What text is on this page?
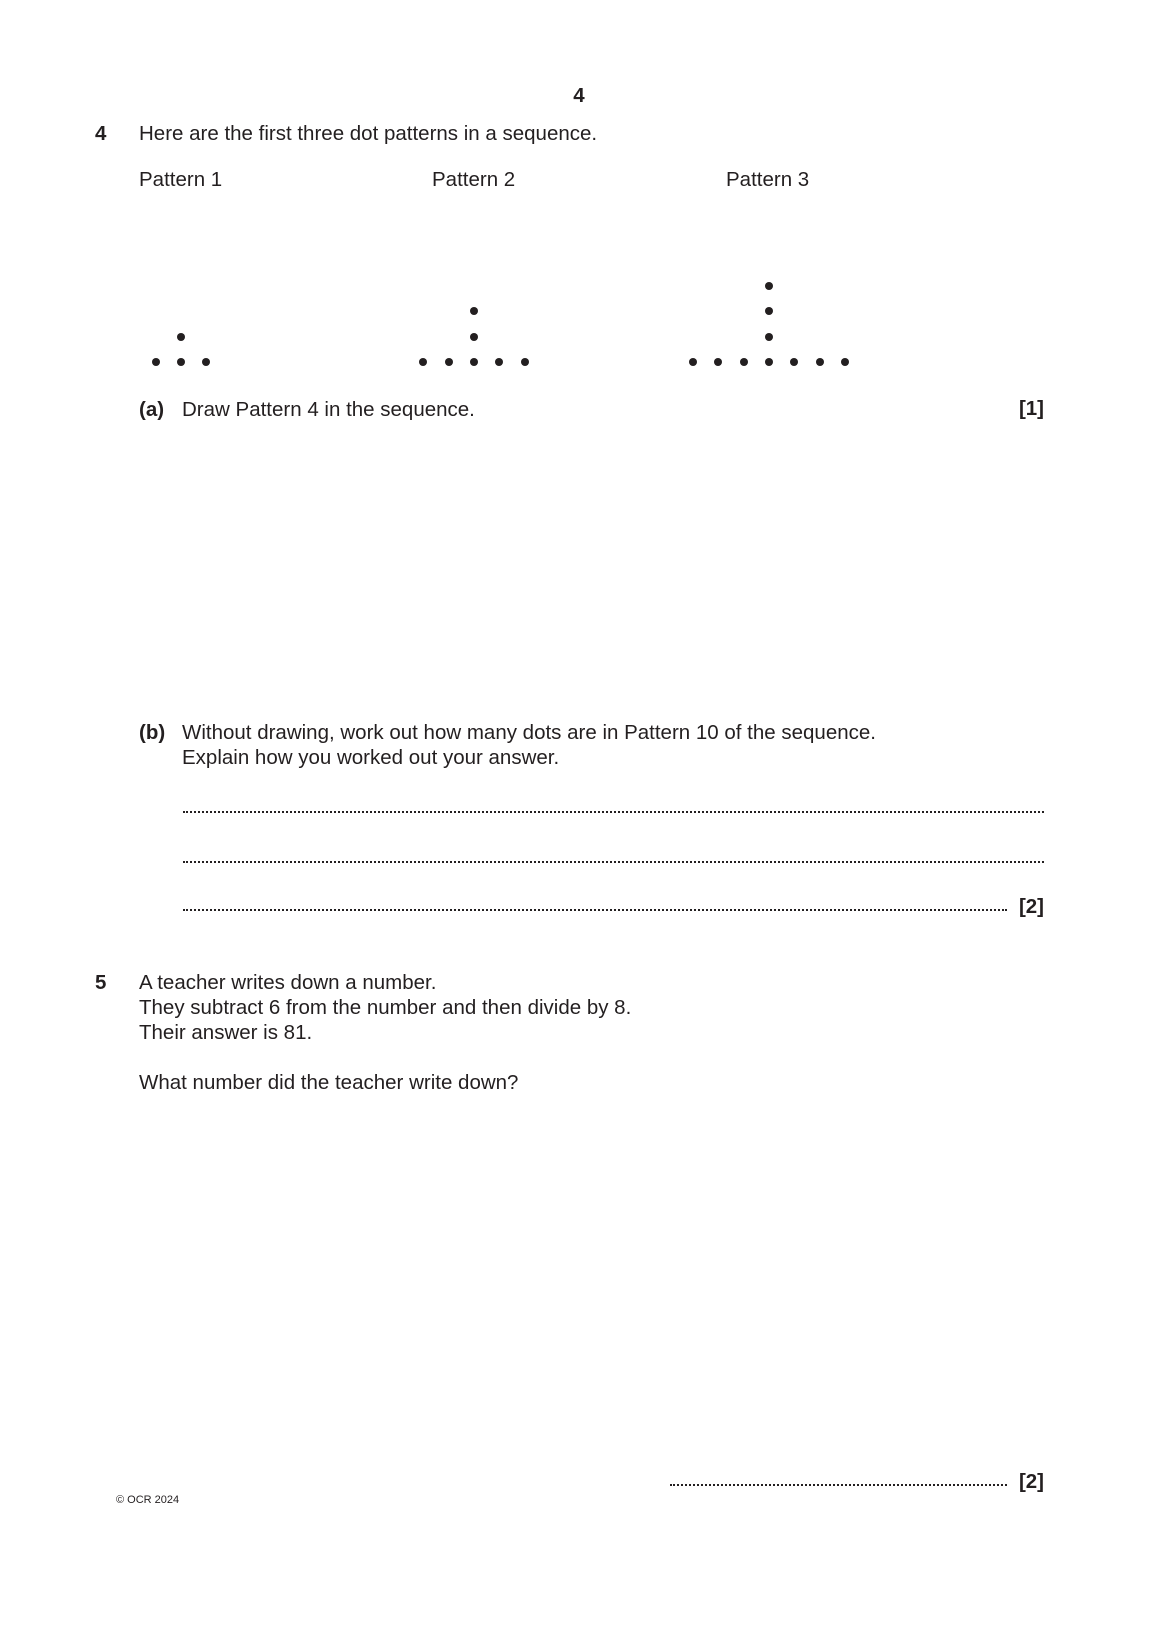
4
4 Here are the first three dot patterns in a sequence.
Pattern 1	Pattern 2	Pattern 3
(a) Draw Pattern 4 in the sequence.	[1]
(b) Without drawing, work out how many dots are in Pattern 10 of the sequence.
Explain how you worked out your answer.
[2]
5 A teacher writes down a number.
They subtract 6 from the number and then divide by 8.
Their answer is 81.
What number did the teacher write down?
[2]
© OCR 2024
